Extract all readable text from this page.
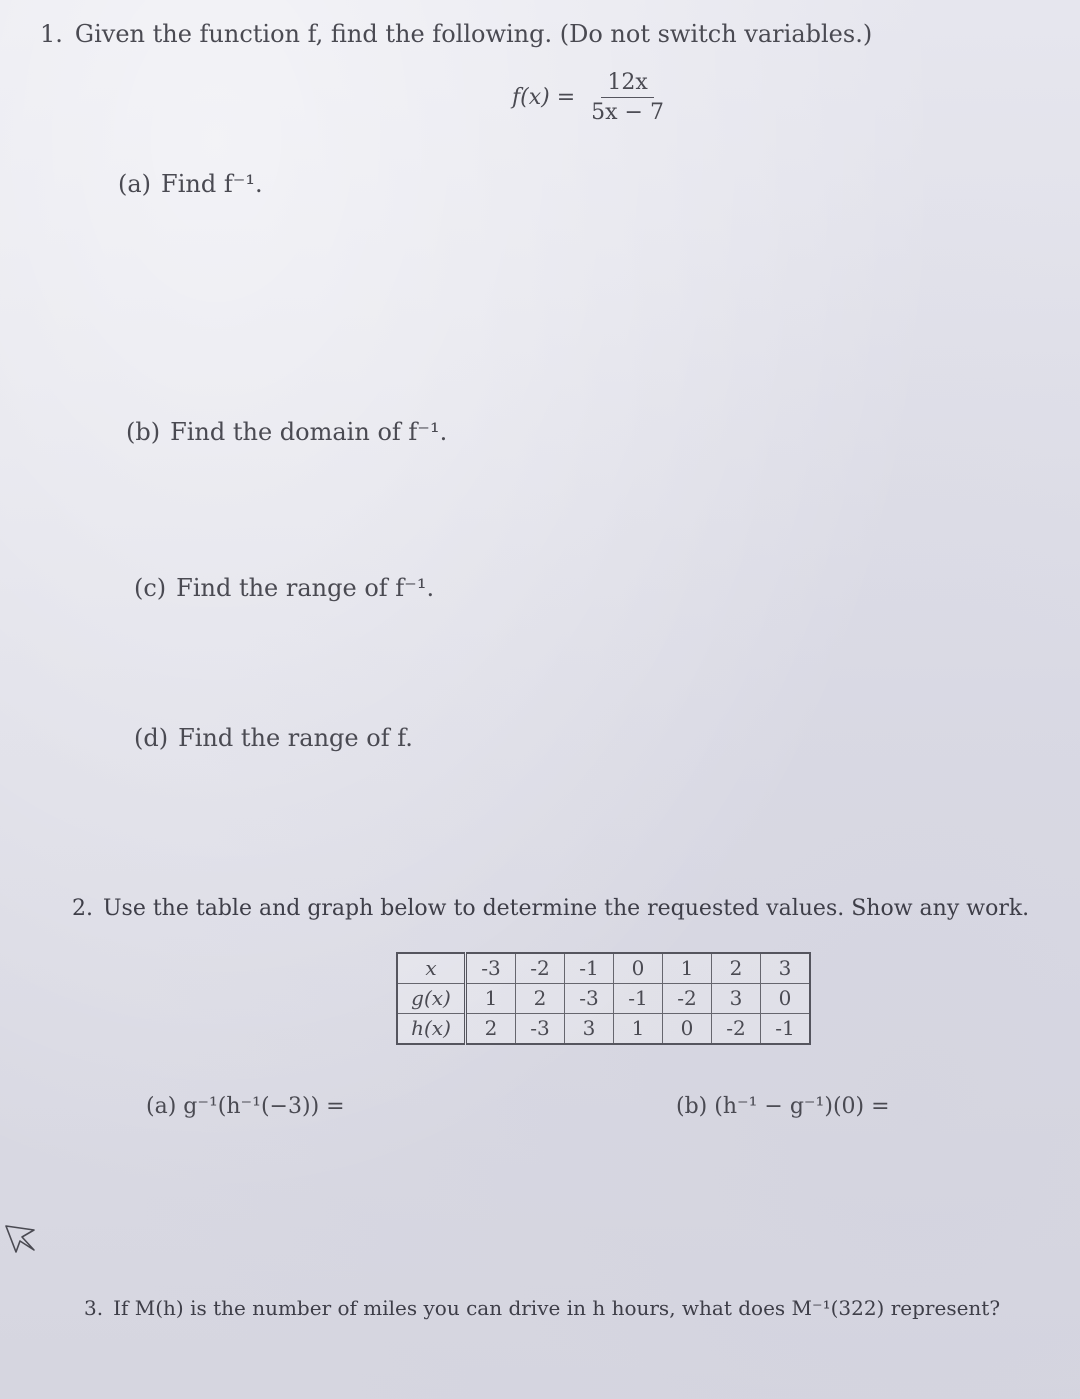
1. Given the function f, find the following. (Do not switch variables.)
$f(x) = \frac{12x}{5x - 7}$
(a) Find f⁻¹.
(b) Find the domain of f⁻¹.
(c) Find the range of f⁻¹.
(d) Find the range of f.
2. Use the table and graph below to determine the requested values. Show any work.
x	-3	-2	-1	0	1	2	3
g(x)	1	2	-3	-1	-2	3	0
h(x)	2	-3	3	1	0	-2	-1
(a) g⁻¹(h⁻¹(−3)) =	(b) (h⁻¹ − g⁻¹)(0) =
3. If M(h) is the number of miles you can drive in h hours, what does M⁻¹(322) represent?
